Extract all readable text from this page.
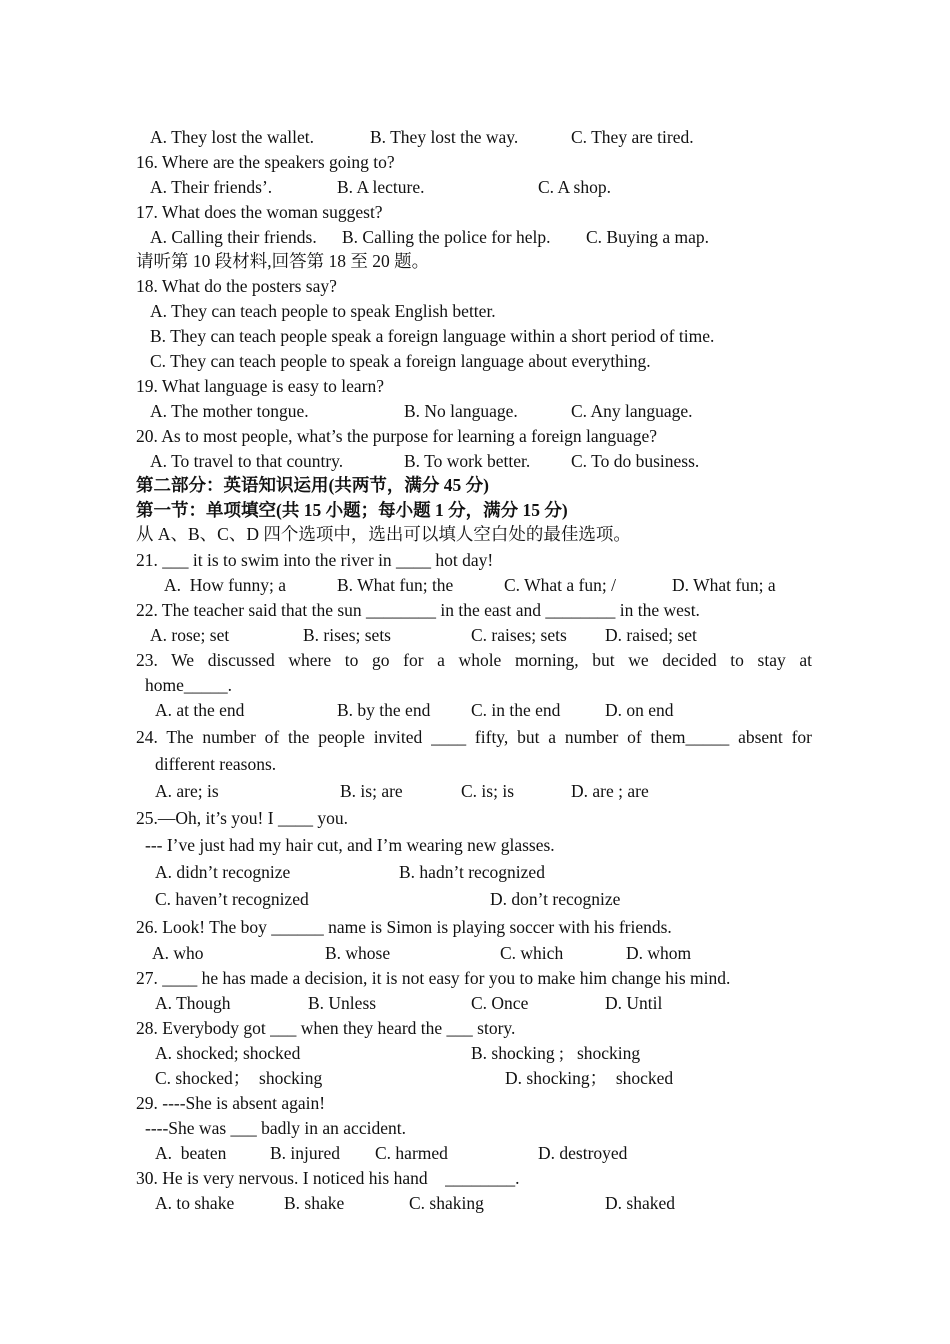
A. They lost the wallet.	B. They lost the way.	C. They are tired.
16. Where are the speakers going to?
A. Their friends’.	B. A lecture.	C. A shop.
17. What does the woman suggest?
A. Calling their friends. B. Calling the police for help. C. Buying a map.
请听第 10 段材料,回答第 18 至 20 题。
18. What do the posters say?
A. They can teach people to speak English better.
B. They can teach people speak a foreign language within a short period of time.
C. They can teach people to speak a foreign language about everything.
19. What language is easy to learn?
A. The mother tongue.	B. No language.	C. Any language.
20. As to most people, what’s the purpose for learning a foreign language?
A. To travel to that country.	B. To work better. C. To do business.
第二部分：英语知识运用(共两节，满分 45 分)
第一节：单项填空(共 15 小题；每小题 1 分，满分 15 分)
从 A、B、C、D 四个选项中，选出可以填人空白处的最佳选项。
21. ___ it is to swim into the river in ____ hot day!
A.  How funny; a	B. What fun; the	C. What a fun; /	D. What fun; a
22. The teacher said that the sun ________ in the east and ________ in the west.
A. rose; set	B. rises; sets	C. raises; sets D. raised; set
23. We discussed where to go for a whole morning, but we decided to stay at
home_____.
A. at the end	B. by the end C. in the end	D. on end
24. The number of the people invited ____ fifty, but a number of them_____ absent for
different reasons.
A. are; is	B. is; are	C. is; is	D. are ; are
25.—Oh, it’s you! I ____ you.
--- I’ve just had my hair cut, and I’m wearing new glasses.
A. didn’t recognize	B. hadn’t recognized
C. haven’t recognized	D. don’t recognize
26. Look! The boy ______ name is Simon is playing soccer with his friends.
A. who	B. whose	C. which	D. whom
27. ____ he has made a decision, it is not easy for you to make him change his mind.
A. Though	B. Unless	C. Once	D. Until
28. Everybody got ___ when they heard the ___ story.
A. shocked; shocked	B. shocking ;   shocking
C. shocked；  shocking	D. shocking；  shocked
29. ----She is absent again!
----She was ___ badly in an accident.
A.  beaten B. injured C. harmed	D. destroyed
30. He is very nervous. I noticed his hand    ________.
A. to shake	B. shake	C. shaking	D. shaked
